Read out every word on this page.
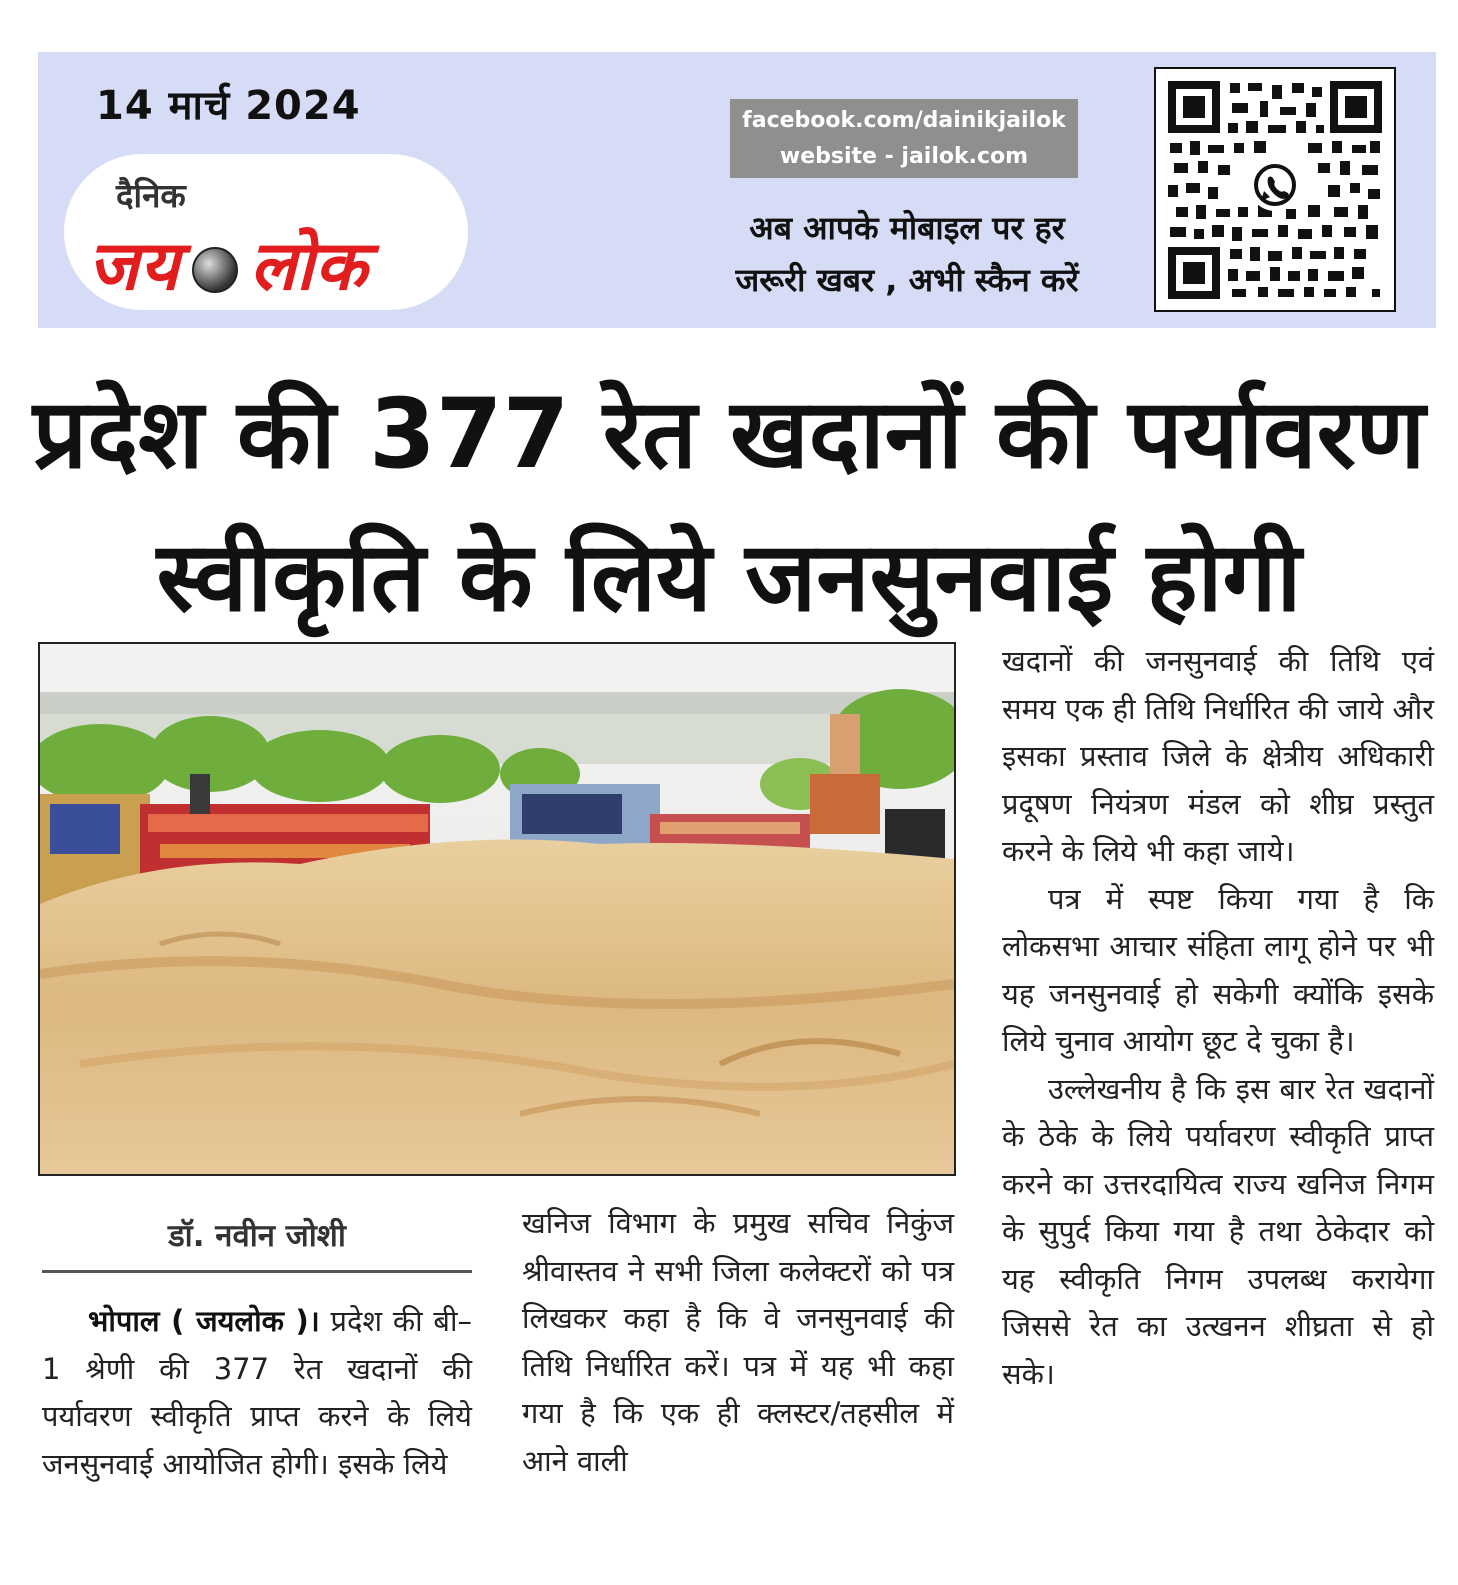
14 मार्च 2024
दैनिक
जय लोक
facebook.com/dainikjailok
website - jailok.com
अब आपके मोबाइल पर हर
जरूरी खबर , अभी स्कैन करें
प्रदेश की 377 रेत खदानों की पर्यावरण
स्वीकृति के लिये जनसुनवाई होगी
डॉ. नवीन जोशी

भोपाल ( जयलोक )। प्रदेश की बी–1 श्रेणी की 377 रेत खदानों की पर्यावरण स्वीकृति प्राप्त करने के लिये जनसुनवाई आयोजित होगी। इसके लिये

खनिज विभाग के प्रमुख सचिव निकुंज श्रीवास्तव ने सभी जिला कलेक्टरों को पत्र लिखकर कहा है कि वे जनसुनवाई की तिथि निर्धारित करें। पत्र में यह भी कहा गया है कि एक ही क्लस्टर/तहसील में आने वाली

खदानों की जनसुनवाई की तिथि एवं समय एक ही तिथि निर्धारित की जाये और इसका प्रस्ताव जिले के क्षेत्रीय अधिकारी प्रदूषण नियंत्रण मंडल को शीघ्र प्रस्तुत करने के लिये भी कहा जाये।

पत्र में स्पष्ट किया गया है कि लोकसभा आचार संहिता लागू होने पर भी यह जनसुनवाई हो सकेगी क्योंकि इसके लिये चुनाव आयोग छूट दे चुका है।

उल्लेखनीय है कि इस बार रेत खदानों के ठेके के लिये पर्यावरण स्वीकृति प्राप्त करने का उत्तरदायित्व राज्य खनिज निगम के सुपुर्द किया गया है तथा ठेकेदार को यह स्वीकृति निगम उपलब्ध करायेगा जिससे रेत का उत्खनन शीघ्रता से हो सके।
